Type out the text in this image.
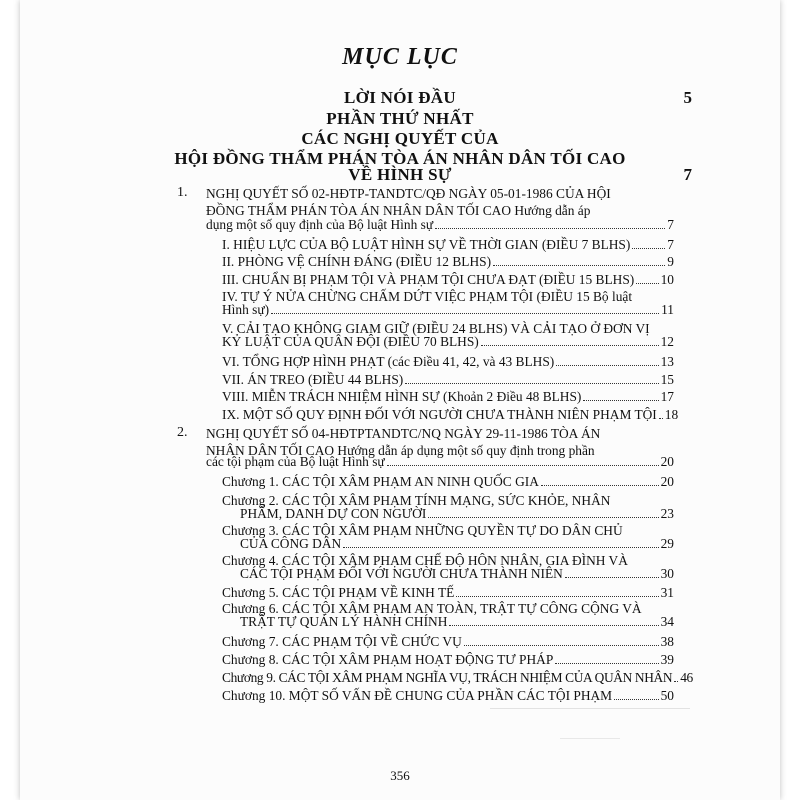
MỤC LỤC
LỜI NÓI ĐẦU	5
PHẦN THỨ NHẤT
CÁC NGHỊ QUYẾT CỦA
HỘI ĐỒNG THẨM PHÁN TÒA ÁN NHÂN DÂN TỐI CAO
VỀ HÌNH SỰ	7
1. NGHỊ QUYẾT SỐ 02-HĐTP-TANDTC/QĐ NGÀY 05-01-1986 CỦA HỘI
ĐỒNG THẨM PHÁN TÒA ÁN NHÂN DÂN TỐI CAO Hướng dẫn áp
dụng một số quy định của Bộ luật Hình sự	7
I. HIỆU LỰC CỦA BỘ LUẬT HÌNH SỰ VỀ THỜI GIAN (ĐIỀU 7 BLHS)	7
II. PHÒNG VỆ CHÍNH ĐÁNG (ĐIỀU 12 BLHS)	9
III. CHUẨN BỊ PHẠM TỘI VÀ PHẠM TỘI CHƯA ĐẠT (ĐIỀU 15 BLHS) 10
IV. TỰ Ý NỬA CHỪNG CHẤM DỨT VIỆC PHẠM TỘI (ĐIỀU 15 Bộ luật
Hình sự)	11
V. CẢI TẠO KHÔNG GIAM GIỮ (ĐIỀU 24 BLHS) VÀ CẢI TẠO Ở ĐƠN VỊ
KỶ LUẬT CỦA QUÂN ĐỘI (ĐIỀU 70 BLHS)	12
VI. TỔNG HỢP HÌNH PHẠT (các Điều 41, 42, và 43 BLHS)	13
VII. ÁN TREO (ĐIỀU 44 BLHS)	15
VIII. MIỄN TRÁCH NHIỆM HÌNH SỰ (Khoản 2 Điều 48 BLHS)	17
IX. MỘT SỐ QUY ĐỊNH ĐỐI VỚI NGƯỜI CHƯA THÀNH NIÊN PHẠM TỘI 18
2. NGHỊ QUYẾT SỐ 04-HĐTPTANDTC/NQ NGÀY 29-11-1986 TÒA ÁN
NHÂN DÂN TỐI CAO Hướng dẫn áp dụng một số quy định trong phần
các tội phạm của Bộ luật Hình sự	20
Chương 1. CÁC TỘI XÂM PHẠM AN NINH QUỐC GIA	20
Chương 2. CÁC TỘI XÂM PHẠM TÍNH MẠNG, SỨC KHỎE, NHÂN
PHẨM, DANH DỰ CON NGƯỜI	23
Chương 3. CÁC TỘI XÂM PHẠM NHỮNG QUYỀN TỰ DO DÂN CHỦ
CỦA CÔNG DÂN	29
Chương 4. CÁC TỘI XÂM PHẠM CHẾ ĐỘ HÔN NHÂN, GIA ĐÌNH VÀ
CÁC TỘI PHẠM ĐỐI VỚI NGƯỜI CHƯA THÀNH NIÊN	30
Chương 5. CÁC TỘI PHẠM VỀ KINH TẾ	31
Chương 6. CÁC TỘI XÂM PHẠM AN TOÀN, TRẬT TỰ CÔNG CỘNG VÀ
TRẬT TỰ QUẢN LÝ HÀNH CHÍNH	34
Chương 7. CÁC PHẠM TỘI VỀ CHỨC VỤ	38
Chương 8. CÁC TỘI XÂM PHẠM HOẠT ĐỘNG TƯ PHÁP	39
Chương 9. CÁC TỘI XÂM PHẠM NGHĨA VỤ, TRÁCH NHIỆM CỦA QUÂN NHÂN 46
Chương 10. MỘT SỐ VẤN ĐỀ CHUNG CỦA PHẦN CÁC TỘI PHẠM	50
356
